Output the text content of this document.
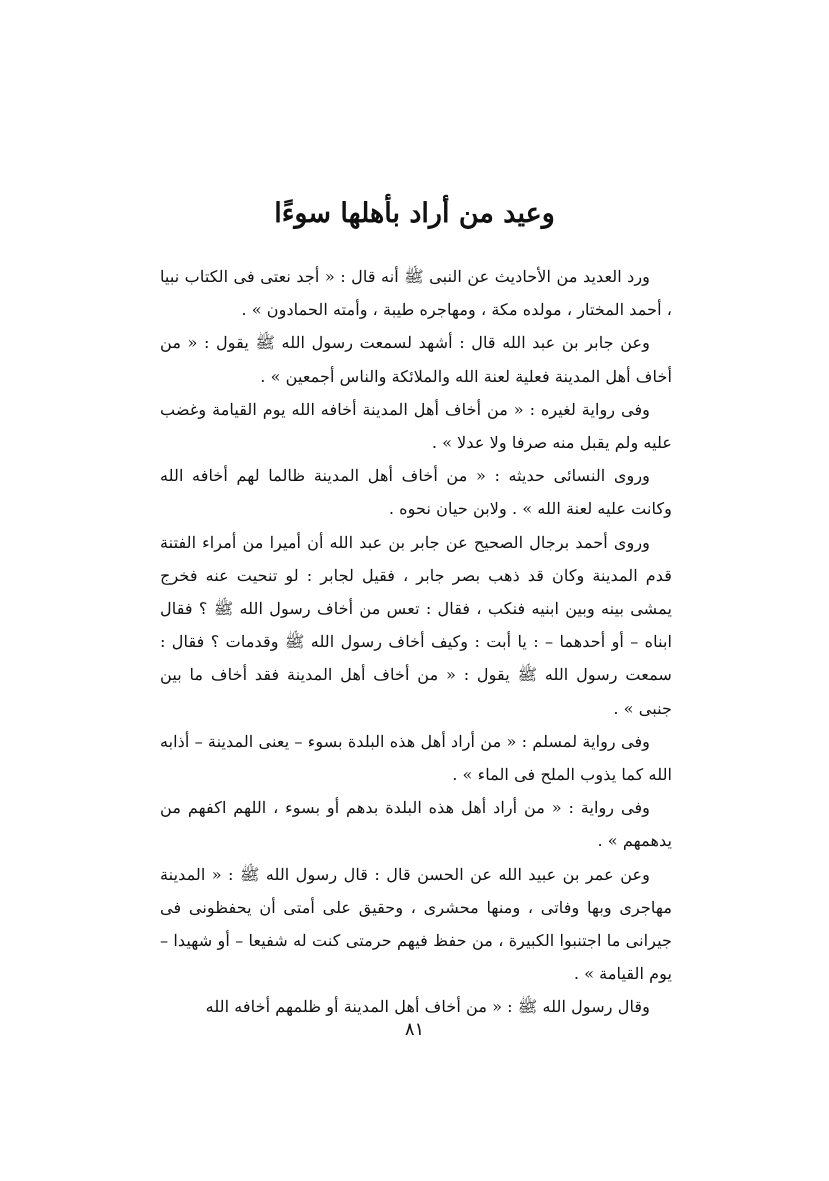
وعيد من أراد بأهلها سوءًا

ورد العديد من الأحاديث عن النبى ﷺ أنه قال : « أجد نعتى فى الكتاب نبيا ، أحمد المختار ، مولده مكة ، ومهاجره طيبة ، وأمته الحمادون » .

وعن جابر بن عبد الله قال : أشهد لسمعت رسول الله ﷺ يقول : « من أخاف أهل المدينة فعلية لعنة الله والملائكة والناس أجمعين » .

وفى رواية لغيره : « من أخاف أهل المدينة أخافه الله يوم القيامة وغضب عليه ولم يقبل منه صرفا ولا عدلا » .

وروى النسائى حديثه : « من أخاف أهل المدينة ظالما لهم أخافه الله وكانت عليه لعنة الله » . ولابن حيان نحوه .

وروى أحمد برجال الصحيح عن جابر بن عبد الله أن أميرا من أمراء الفتنة قدم المدينة وكان قد ذهب بصر جابر ، فقيل لجابر : لو تنحيت عنه فخرج يمشى بينه وبين ابنيه فنكب ، فقال : تعس من أخاف رسول الله ﷺ ؟ فقال ابناه – أو أحدهما – : يا أبت : وكيف أخاف رسول الله ﷺ وقدمات ؟ فقال : سمعت رسول الله ﷺ يقول : « من أخاف أهل المدينة فقد أخاف ما بين جنبى » .

وفى رواية لمسلم : « من أراد أهل هذه البلدة بسوء – يعنى المدينة – أذابه الله كما يذوب الملح فى الماء » .

وفى رواية : « من أراد أهل هذه البلدة بدهم أو بسوء ، اللهم اكفهم من يدهمهم » .

وعن عمر بن عبيد الله عن الحسن قال : قال رسول الله ﷺ : « المدينة مهاجرى وبها وفاتى ، ومنها محشرى ، وحقيق على أمتى أن يحفظونى فى جيرانى ما اجتنبوا الكبيرة ، من حفظ فيهم حرمتى كنت له شفيعا – أو شهيدا – يوم القيامة » .

وقال رسول الله ﷺ : « من أخاف أهل المدينة أو ظلمهم أخافه الله

٨١
